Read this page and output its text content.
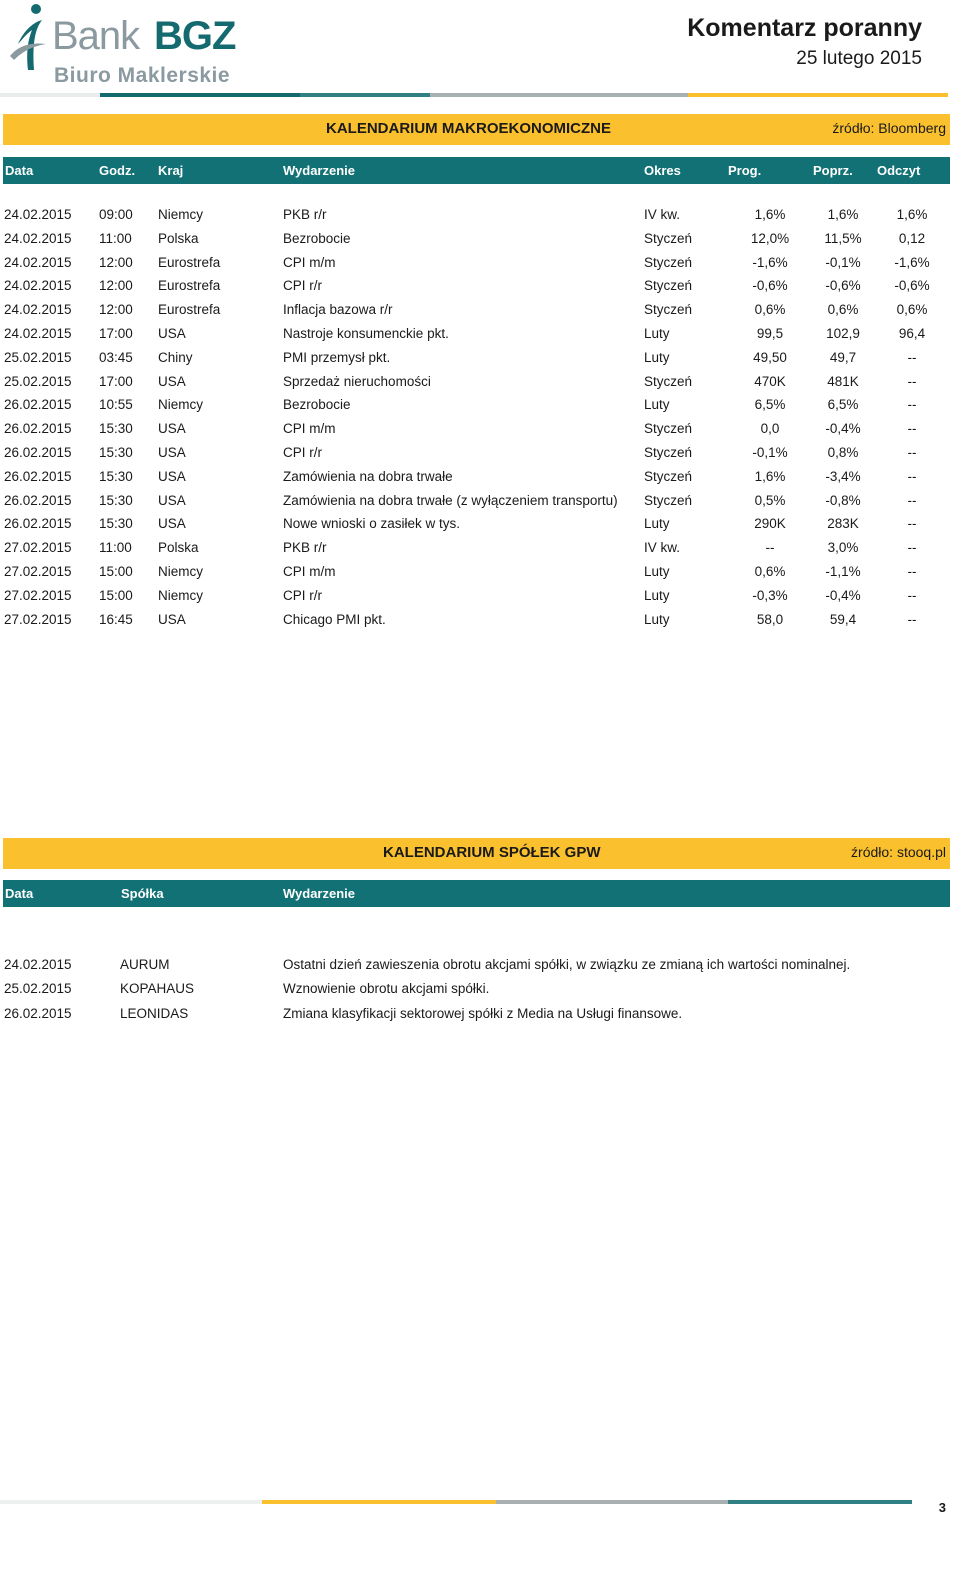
Bank BGZ
Biuro Maklerskie
Komentarz poranny
25 lutego 2015
KALENDARIUM MAKROEKONOMICZNE	źródło: Bloomberg
Data	Godz. Kraj	Wydarzenie	Okres	Prog.	Poprz. Odczyt
24.02.2015 09:00 Niemcy	PKB r/r	IV kw.	1,6%	1,6%	1,6%
24.02.2015 11:00 Polska	Bezrobocie	Styczeń	12,0%	11,5%	0,12
24.02.2015 12:00 Eurostrefa	CPI m/m	Styczeń	-1,6%	-0,1%	-1,6%
24.02.2015 12:00 Eurostrefa	CPI r/r	Styczeń	-0,6%	-0,6%	-0,6%
24.02.2015 12:00 Eurostrefa	Inflacja bazowa r/r	Styczeń	0,6%	0,6%	0,6%
24.02.2015 17:00 USA	Nastroje konsumenckie pkt.	Luty	99,5	102,9	96,4
25.02.2015 03:45 Chiny	PMI przemysł pkt.	Luty	49,50	49,7	--
25.02.2015 17:00 USA	Sprzedaż nieruchomości	Styczeń	470K	481K	--
26.02.2015 10:55 Niemcy	Bezrobocie	Luty	6,5%	6,5%	--
26.02.2015 15:30 USA	CPI m/m	Styczeń	0,0	-0,4%	--
26.02.2015 15:30 USA	CPI r/r	Styczeń	-0,1%	0,8%	--
26.02.2015 15:30 USA	Zamówienia na dobra trwałe	Styczeń	1,6%	-3,4%	--
26.02.2015 15:30 USA	Zamówienia na dobra trwałe (z wyłączeniem transportu) Styczeń	0,5%	-0,8%	--
26.02.2015 15:30 USA	Nowe wnioski o zasiłek w tys.	Luty	290K	283K	--
27.02.2015 11:00 Polska	PKB r/r	IV kw.	--	3,0%	--
27.02.2015 15:00 Niemcy	CPI m/m	Luty	0,6%	-1,1%	--
27.02.2015 15:00 Niemcy	CPI r/r	Luty	-0,3%	-0,4%	--
27.02.2015 16:45 USA	Chicago PMI pkt.	Luty	58,0	59,4	--
KALENDARIUM SPÓŁEK GPW	źródło: stooq.pl
Data	Spółka	Wydarzenie
24.02.2015	AURUM	Ostatni dzień zawieszenia obrotu akcjami spółki, w związku ze zmianą ich wartości nominalnej.
25.02.2015	KOPAHAUS	Wznowienie obrotu akcjami spółki.
26.02.2015	LEONIDAS	Zmiana klasyfikacji sektorowej spółki z Media na Usługi finansowe.
3
